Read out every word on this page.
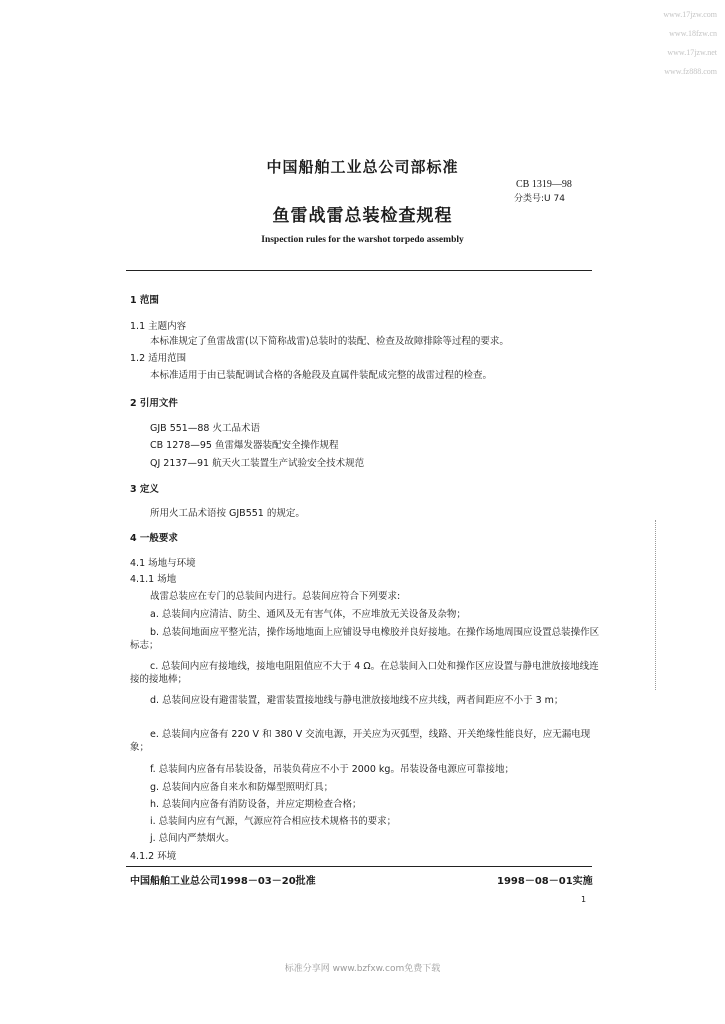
www.17jzw.com
www.18fzw.cn
www.17jzw.net
www.fz888.com
中国船舶工业总公司部标准
CB 1319—98
分类号:U 74
鱼雷战雷总装检查规程
Inspection rules for the warshot torpedo assembly
1 范围
1.1 主题内容
本标准规定了鱼雷战雷(以下简称战雷)总装时的装配、检查及故障排除等过程的要求。
1.2 适用范围
本标准适用于由已装配调试合格的各舱段及直属件装配成完整的战雷过程的检查。
2 引用文件
GJB 551—88 火工品术语
CB 1278—95 鱼雷爆发器装配安全操作规程
QJ 2137—91 航天火工装置生产试验安全技术规范
3 定义
所用火工品术语按 GJB551 的规定。
4 一般要求
4.1 场地与环境
4.1.1 场地
战雷总装应在专门的总装间内进行。总装间应符合下列要求:
a. 总装间内应清洁、防尘、通风及无有害气体，不应堆放无关设备及杂物；
b. 总装间地面应平整光洁，操作场地地面上应铺设导电橡胶并良好接地。在操作场地周围应设置总装操作区标志；
c. 总装间内应有接地线，接地电阻阻值应不大于 4 Ω。在总装间入口处和操作区应设置与静电泄放接地线连接的接地棒；
d. 总装间应设有避雷装置，避雷装置接地线与静电泄放接地线不应共线，两者间距应不小于 3 m；
e. 总装间内应备有 220 V 和 380 V 交流电源，开关应为灭弧型，线路、开关绝缘性能良好，应无漏电现象；
f. 总装间内应备有吊装设备，吊装负荷应不小于 2000 kg。吊装设备电源应可靠接地；
g. 总装间内应备自来水和防爆型照明灯具；
h. 总装间内应备有消防设备，并应定期检查合格；
i. 总装间内应有气源，气源应符合相应技术规格书的要求；
j. 总间内严禁烟火。
4.1.2 环境
中国船舶工业总公司1998－03－20批准	1998－08－01实施
1
标准分享网 www.bzfxw.com免费下载
